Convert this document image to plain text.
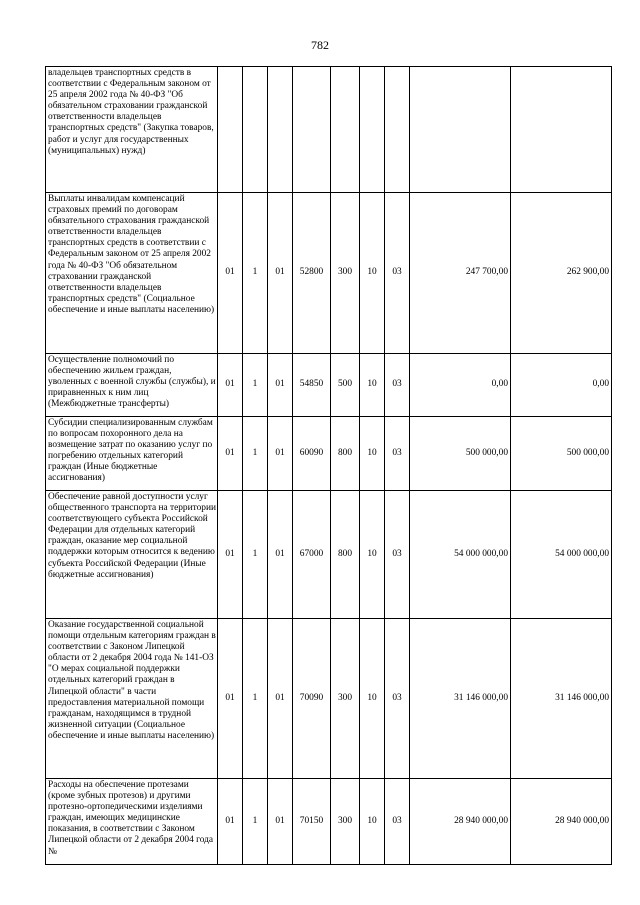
782
владельцев транспортных средств в соответствии с Федеральным законом от 25 апреля 2002 года № 40-ФЗ "Об обязательном страховании гражданской ответственности владельцев транспортных средств" (Закупка товаров, работ и услуг для государственных (муниципальных) нужд)									
Выплаты инвалидам компенсаций страховых премий по договорам обязательного страхования гражданской ответственности владельцев транспортных средств в соответствии с Федеральным законом от 25 апреля 2002 года № 40-ФЗ "Об обязательном страховании гражданской ответственности владельцев транспортных средств" (Социальное обеспечение и иные выплаты населению)	01	1	01	52800	300	10	03	247 700,00	262 900,00
Осуществление полномочий по обеспечению жильем граждан, уволенных с военной службы (службы), и приравненных к ним лиц (Межбюджетные трансферты)	01	1	01	54850	500	10	03	0,00	0,00
Субсидии специализированным службам по вопросам похоронного дела на возмещение затрат по оказанию услуг по погребению отдельных категорий граждан (Иные бюджетные ассигнования)	01	1	01	60090	800	10	03	500 000,00	500 000,00
Обеспечение равной доступности услуг общественного транспорта на территории соответствующего субъекта Российской Федерации для отдельных категорий граждан, оказание мер социальной поддержки которым относится к ведению субъекта Российской Федерации (Иные бюджетные ассигнования)	01	1	01	67000	800	10	03	54 000 000,00	54 000 000,00
Оказание государственной социальной помощи отдельным категориям граждан в соответствии с Законом Липецкой области от 2 декабря 2004 года № 141-ОЗ "О мерах социальной поддержки отдельных категорий граждан в Липецкой области" в части предоставления материальной помощи гражданам, находящимся в трудной жизненной ситуации (Социальное обеспечение и иные выплаты населению)	01	1	01	70090	300	10	03	31 146 000,00	31 146 000,00
Расходы на обеспечение протезами (кроме зубных протезов) и другими протезно-ортопедическими изделиями граждан, имеющих медицинские показания, в соответствии с Законом Липецкой области от 2 декабря 2004 года №	01	1	01	70150	300	10	03	28 940 000,00	28 940 000,00
